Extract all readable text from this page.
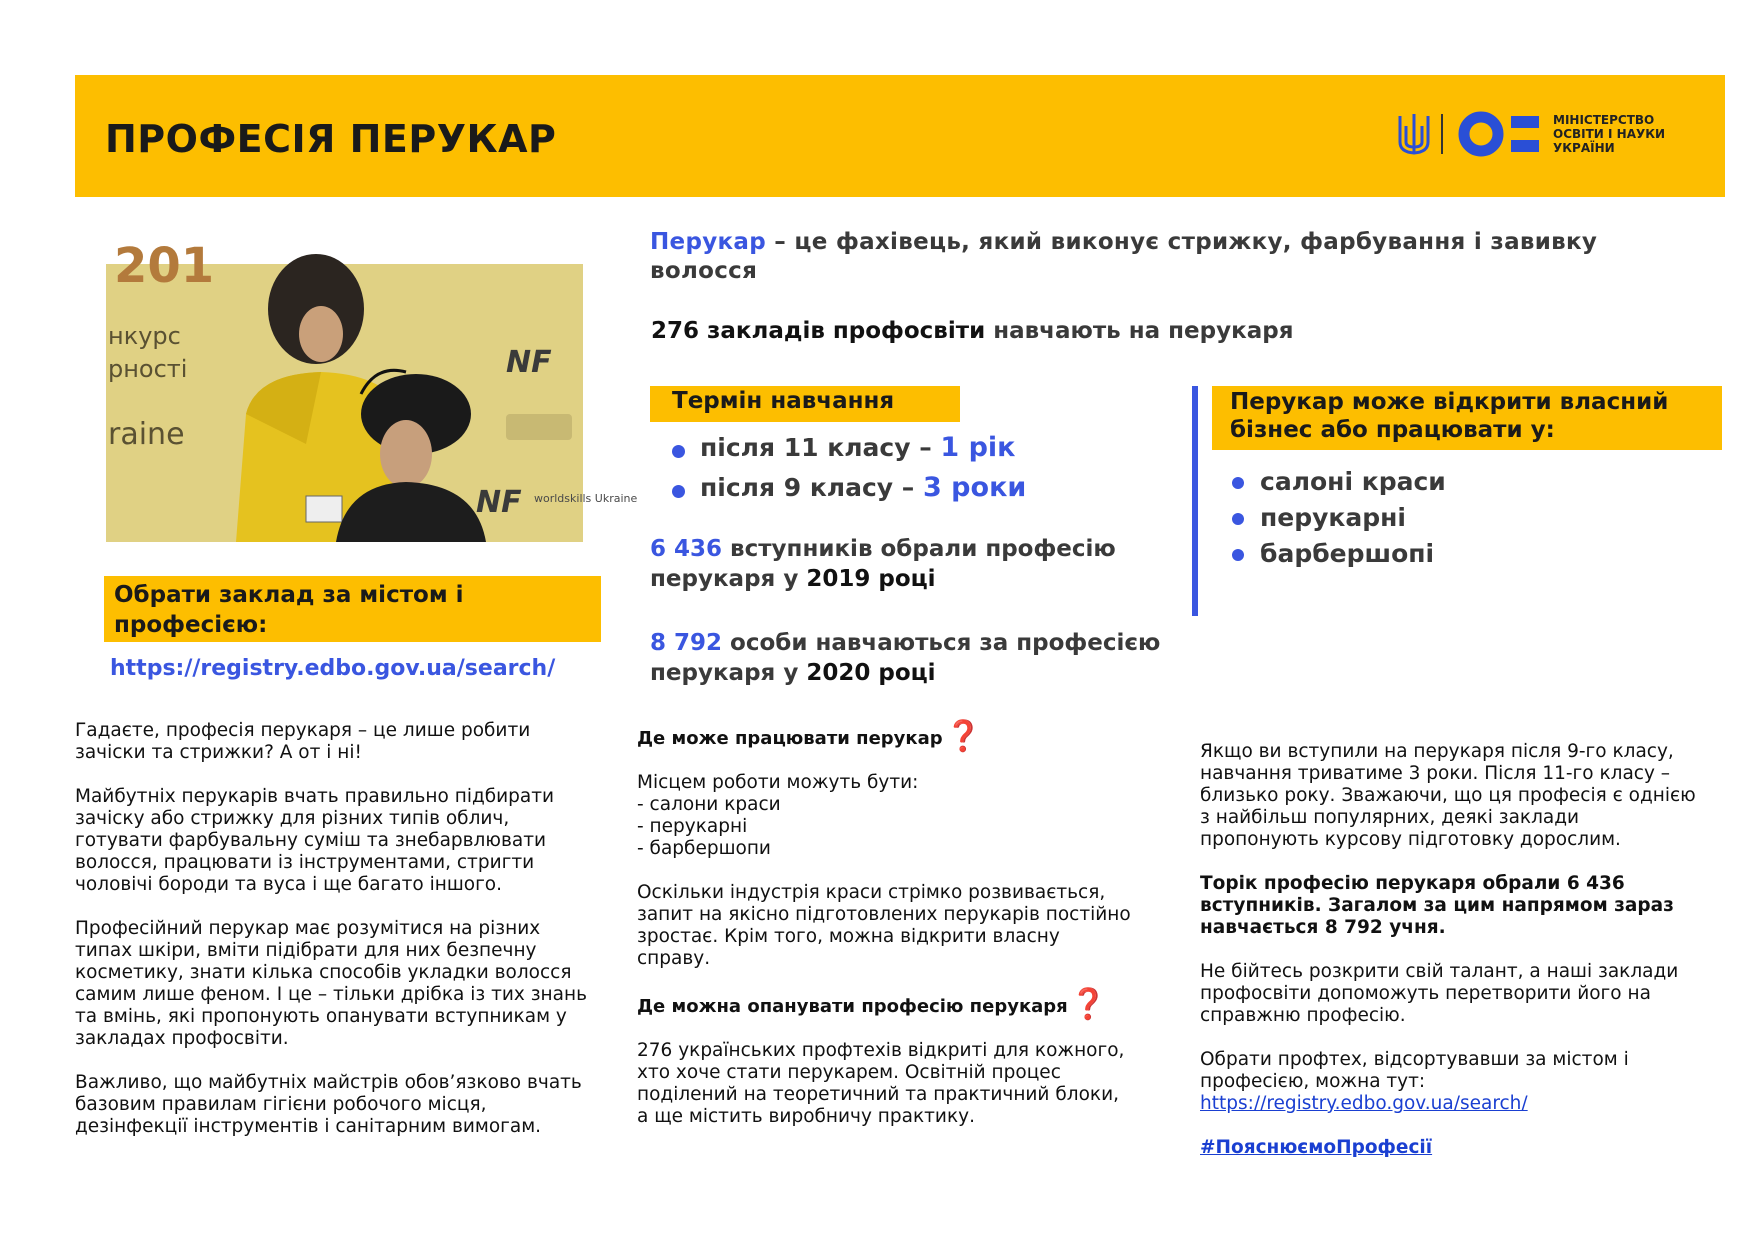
ПРОФЕСІЯ ПЕРУКАР	МІНІСТЕРСТВО ОСВІТИ І НАУКИ УКРАЇНИ
201
нкурс
рності
raine
NF
NF worldskills Ukraine
Перукар – це фахівець, який виконує стрижку, фарбування і завивку волосся
276 закладів профосвіти навчають на перукаря
Термін навчання
після 11 класу – 1 рік
після 9 класу – 3 роки
6 436 вступників обрали професію перукаря у 2019 році
8 792 особи навчаються за професією перукаря у 2020 році
Перукар може відкрити власний бізнес або працювати у:
салоні краси
перукарні
барбершопі
Обрати заклад за містом і професією:
https://registry.edbo.gov.ua/search/

Гадаєте, професія перукаря – це лише робити зачіски та стрижки? А от і ні!

Майбутніх перукарів вчать правильно підбирати зачіску або стрижку для різних типів облич, готувати фарбувальну суміш та знебарвлювати волосся, працювати із інструментами, стригти чоловічі бороди та вуса і ще багато іншого.

Професійний перукар має розумітися на різних типах шкіри, вміти підібрати для них безпечну косметику, знати кілька способів укладки волосся самим лише феном. І це – тільки дрібка із тих знань та вмінь, які пропонують опанувати вступникам у закладах профосвіти.

Важливо, що майбутніх майстрів обов’язково вчать базовим правилам гігієни робочого місця, дезінфекції інструментів і санітарним вимогам.

Де може працювати перукар ❓

Місцем роботи можуть бути:
- салони краси
- перукарні
- барбершопи

Оскільки індустрія краси стрімко розвивається, запит на якісно підготовлених перукарів постійно зростає. Крім того, можна відкрити власну справу.

Де можна опанувати професію перукаря ❓

276 українських профтехів відкриті для кожного, хто хоче стати перукарем. Освітній процес поділений на теоретичний та практичний блоки, а ще містить виробничу практику.

Якщо ви вступили на перукаря після 9-го класу, навчання триватиме 3 роки. Після 11-го класу – близько року. Зважаючи, що ця професія є однією з найбільш популярних, деякі заклади пропонують курсову підготовку дорослим.

Торік професію перукаря обрали 6 436 вступників. Загалом за цим напрямом зараз навчається 8 792 учня.

Не бійтесь розкрити свій талант, а наші заклади профосвіти допоможуть перетворити його на справжню професію.

Обрати профтех, відсортувавши за містом і професією, можна тут: https://registry.edbo.gov.ua/search/

#ПояснюємоПрофесії
